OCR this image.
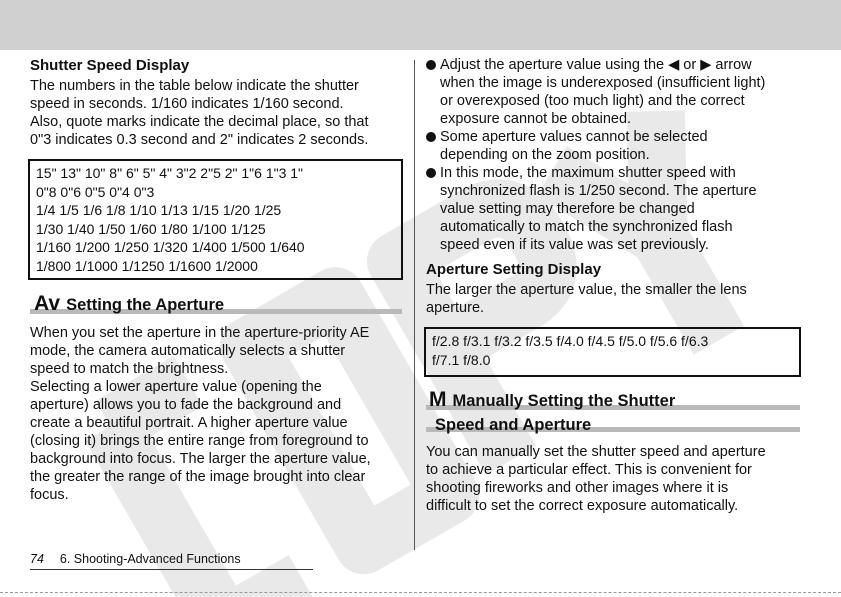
Shutter Speed Display

The numbers in the table below indicate the shutter
speed in seconds. 1/160 indicates 1/160 second.
Also, quote marks indicate the decimal place, so that
0"3 indicates 0.3 second and 2" indicates 2 seconds.

15" 13" 10" 8" 6" 5" 4" 3"2 2"5 2" 1"6 1"3 1"
0"8 0"6 0"5 0"4 0"3
1/4 1/5 1/6 1/8 1/10 1/13 1/15 1/20 1/25
1/30 1/40 1/50 1/60 1/80 1/100 1/125
1/160 1/200 1/250 1/320 1/400 1/500 1/640
1/800 1/1000 1/1250 1/1600 1/2000
Av Setting the Aperture

When you set the aperture in the aperture-priority AE
mode, the camera automatically selects a shutter
speed to match the brightness.
Selecting a lower aperture value (opening the
aperture) allows you to fade the background and
create a beautiful portrait. A higher aperture value
(closing it) brings the entire range from foreground to
background into focus. The larger the aperture value,
the greater the range of the image brought into clear
focus.

Adjust the aperture value using the ◀ or ▶ arrow
when the image is underexposed (insufficient light)
or overexposed (too much light) and the correct
exposure cannot be obtained.
Some aperture values cannot be selected
depending on the zoom position.
In this mode, the maximum shutter speed with
synchronized flash is 1/250 second. The aperture
value setting may therefore be changed
automatically to match the synchronized flash
speed even if its value was set previously.
Aperture Setting Display

The larger the aperture value, the smaller the lens
aperture.

f/2.8 f/3.1 f/3.2 f/3.5 f/4.0 f/4.5 f/5.0 f/5.6 f/6.3
f/7.1 f/8.0
M Manually Setting the Shutter
Speed and Aperture

You can manually set the shutter speed and aperture
to achieve a particular effect. This is convenient for
shooting fireworks and other images where it is
difficult to set the correct exposure automatically.

74 6. Shooting-Advanced Functions
